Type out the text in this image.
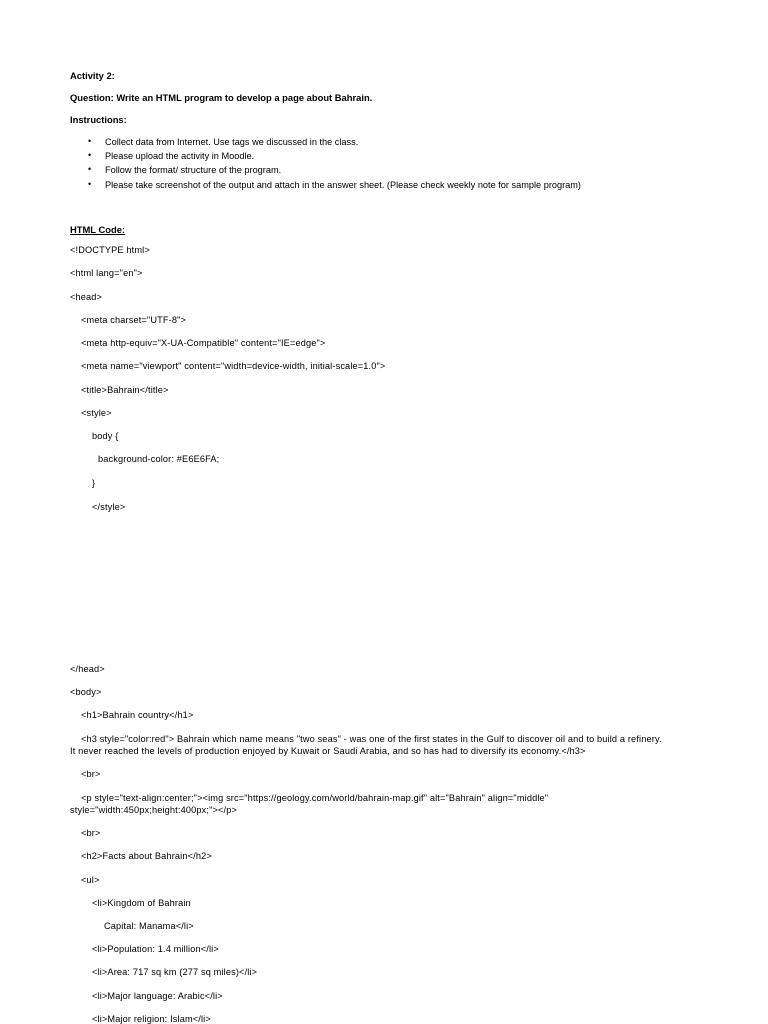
Activity 2:
Question: Write an HTML program to develop a page about Bahrain.
Instructions:
• Collect data from Internet. Use tags we discussed in the class.
• Please upload the activity in Moodle.
• Follow the format/ structure of the program.
• Please take screenshot of the output and attach in the answer sheet. (Please check weekly note for sample program)
HTML Code:
<!DOCTYPE html>
<html lang="en">
<head>
<meta charset="UTF-8">
<meta http-equiv="X-UA-Compatible" content="IE=edge">
<meta name="viewport" content="width=device-width, initial-scale=1.0">
<title>Bahrain</title>
<style>
body {
background-color: #E6E6FA;
}
</style>
</head>
<body>
<h1>Bahrain country</h1>
<h3 style="color:red"> Bahrain which name means "two seas" - was one of the first states in the Gulf to discover oil and to build a refinery. It never reached the levels of production enjoyed by Kuwait or Saudi Arabia, and so has had to diversify its economy.</h3>
<br>
<p style="text-align:center;"><img src="https://geology.com/world/bahrain-map.gif" alt="Bahrain" align="middle" style="width:450px;height:400px;"></p>
<br>
<h2>Facts about Bahrain</h2>
<ul>
<li>Kingdom of Bahrain
Capital: Manama</li>
<li>Population: 1.4 million</li>
<li>Area: 717 sq km (277 sq miles)</li>
<li>Major language: Arabic</li>
<li>Major religion: Islam</li>
